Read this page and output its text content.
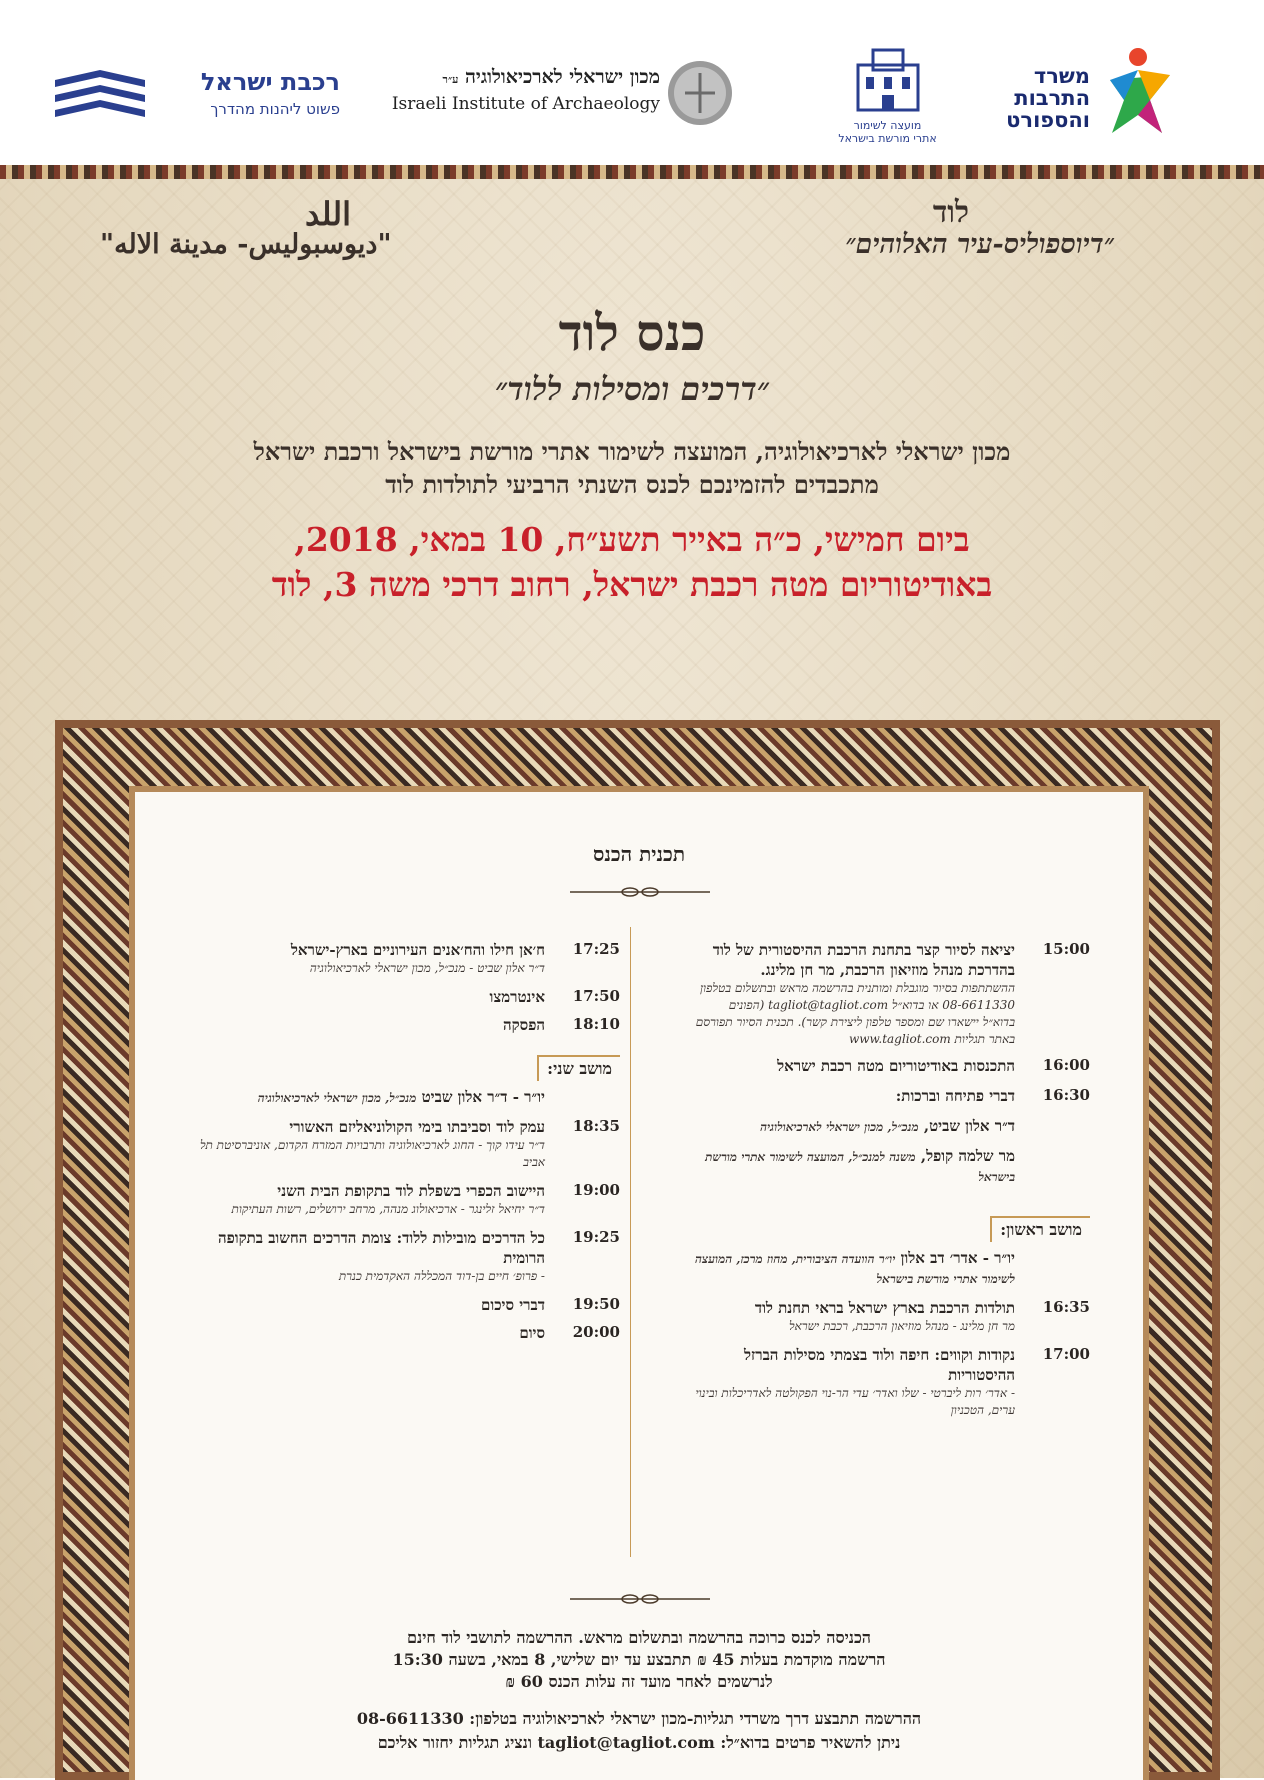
רכבת ישראל
פשוט ליהנות מהדרך
מכון ישראלי לארכיאולוגיה ע״ר
Israeli Institute of Archaeology
מועצה לשימור
אתרי מורשת בישראל
משרד
התרבות
והספורט
לוד
״דיוספוליס-עיר האלוהים״
اللد
"ديوسبوليس- مدينة الاله"
כנס לוד
״דרכים ומסילות ללוד״
מכון ישראלי לארכיאולוגיה, המועצה לשימור אתרי מורשת בישראל ורכבת ישראל
מתכבדים להזמינכם לכנס השנתי הרביעי לתולדות לוד
ביום חמישי, כ״ה באייר תשע״ח, 10 במאי, 2018,
באודיטוריום מטה רכבת ישראל, רחוב דרכי משה 3, לוד
תכנית הכנס
15:00
יציאה לסיור קצר בתחנת הרכבת ההיסטורית של לוד בהדרכת מנהל מוזיאון הרכבת, מר חן מלינג.
ההשתתפות בסיור מוגבלת ומותנית בהרשמה מראש ובתשלום בטלפון 08-6611330 או בדוא״ל tagliot@tagliot.com (הפונים בדוא״ל יישארו שם ומספר טלפון ליצירת קשר). תכנית הסיור תפורסם באתר תגליות www.tagliot.com
16:00
התכנסות באודיטוריום מטה רכבת ישראל
16:30
דברי פתיחה וברכות:
ד״ר אלון שביט, מנכ״ל, מכון ישראלי לארכיאולוגיה
מר שלמה קופל, משנה למנכ״ל, המועצה לשימור אתרי מורשת בישראל
מושב ראשון:
יו״ר - אדר׳ דב אלון יו״ר הוועדה הציבורית, מחוז מרכז, המועצה לשימור אתרי מורשת בישראל
16:35
תולדות הרכבת בארץ ישראל בראי תחנת לוד
מר חן מלינג - מנהל מוזיאון הרכבת, רכבת ישראל
17:00
נקודות וקווים: חיפה ולוד בצמתי מסילות הברזל ההיסטוריות
- אדר׳ רות ליברטי - שלו ואדר׳ עדי הר-נוי הפקולטה לאדריכלות ובינוי ערים, הטכניון
17:25
ח׳אן חילו והח׳אנים העירוניים בארץ-ישראל
ד״ר אלון שביט - מנכ״ל, מכון ישראלי לארכיאולוגיה
17:50
אינטרמצו
18:10
הפסקה
מושב שני:
יו״ר - ד״ר אלון שביט מנכ״ל, מכון ישראלי לארכיאולוגיה
18:35
עמק לוד וסביבתו בימי הקולוניאליזם האשורי
ד״ר עידו קוך - החוג לארכיאולוגיה ותרבויות המזרח הקדום, אוניברסיטת תל אביב
19:00
היישוב הכפרי בשפלת לוד בתקופת הבית השני
ד״ר יחיאל זלינגר - ארכיאולוג מנהה, מרחב ירושלים, רשות העתיקות
19:25
כל הדרכים מובילות ללוד: צומת הדרכים החשוב בתקופה הרומית
- פרופ׳ חיים בן-דוד המכללה האקדמית כנרת
19:50
דברי סיכום
20:00
סיום
הכניסה לכנס כרוכה בהרשמה ובתשלום מראש. ההרשמה לתושבי לוד חינם
הרשמה מוקדמת בעלות 45 ₪ תתבצע עד יום שלישי, 8 במאי, בשעה 15:30
לנרשמים לאחר מועד זה עלות הכנס 60 ₪
ההרשמה תתבצע דרך משרדי תגליות-מכון ישראלי לארכיאולוגיה בטלפון: 08-6611330
ניתן להשאיר פרטים בדוא״ל: tagliot@tagliot.com ונציג תגליות יחזור אליכם
